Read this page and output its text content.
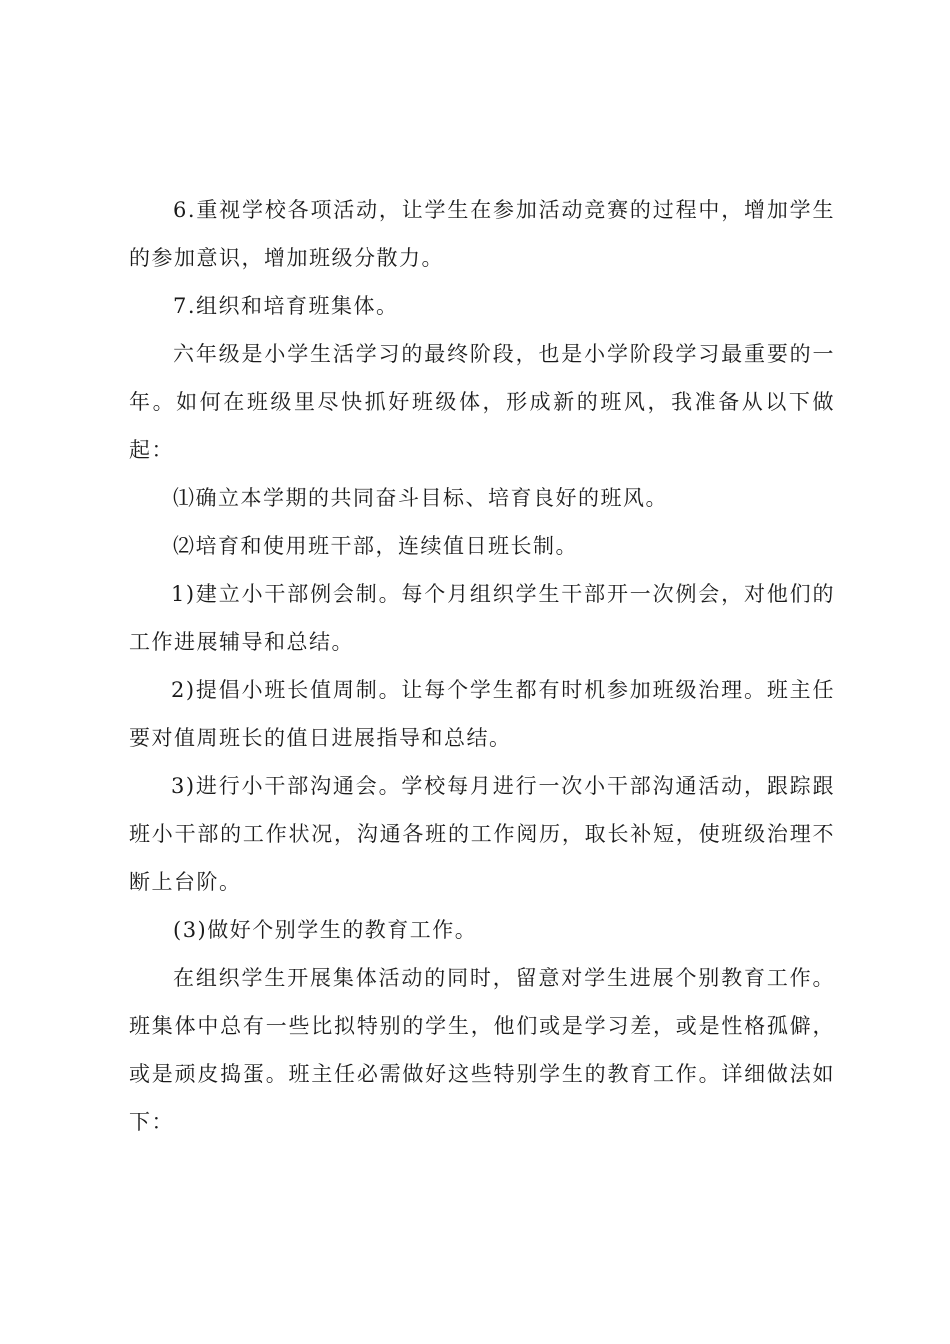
6.重视学校各项活动，让学生在参加活动竞赛的过程中，增加学生的参加意识，增加班级分散力。

7.组织和培育班集体。

六年级是小学生活学习的最终阶段，也是小学阶段学习最重要的一年。如何在班级里尽快抓好班级体，形成新的班风，我准备从以下做起：

⑴确立本学期的共同奋斗目标、培育良好的班风。

⑵培育和使用班干部，连续值日班长制。

1)建立小干部例会制。每个月组织学生干部开一次例会，对他们的工作进展辅导和总结。

2)提倡小班长值周制。让每个学生都有时机参加班级治理。班主任要对值周班长的值日进展指导和总结。

3)进行小干部沟通会。学校每月进行一次小干部沟通活动，跟踪跟班小干部的工作状况，沟通各班的工作阅历，取长补短，使班级治理不断上台阶。

(3)做好个别学生的教育工作。

在组织学生开展集体活动的同时，留意对学生进展个别教育工作。班集体中总有一些比拟特别的学生，他们或是学习差，或是性格孤僻，或是顽皮捣蛋。班主任必需做好这些特别学生的教育工作。详细做法如下：
